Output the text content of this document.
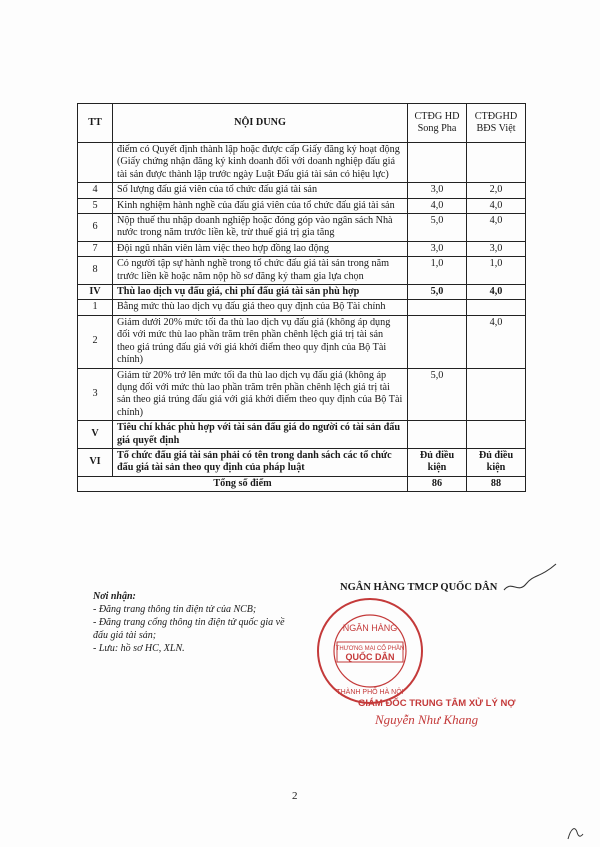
TT	NỘI DUNG	CTĐG HD Song Pha	CTĐGHD BĐS Việt
	điểm có Quyết định thành lập hoặc được cấp Giấy đăng ký hoạt động (Giấy chứng nhận đăng ký kinh doanh đối với doanh nghiệp đấu giá tài sản được thành lập trước ngày Luật Đấu giá tài sản có hiệu lực)		
4	Số lượng đấu giá viên của tổ chức đấu giá tài sản	3,0	2,0
5	Kinh nghiệm hành nghề của đấu giá viên của tổ chức đấu giá tài sản	4,0	4,0
6	Nộp thuế thu nhập doanh nghiệp hoặc đóng góp vào ngân sách Nhà nước trong năm trước liền kề, trừ thuế giá trị gia tăng	5,0	4,0
7	Đội ngũ nhân viên làm việc theo hợp đồng lao động	3,0	3,0
8	Có người tập sự hành nghề trong tổ chức đấu giá tài sản trong năm trước liền kề hoặc năm nộp hồ sơ đăng ký tham gia lựa chọn	1,0	1,0
IV	Thù lao dịch vụ đấu giá, chi phí đấu giá tài sản phù hợp	5,0	4,0
1	Bằng mức thù lao dịch vụ đấu giá theo quy định của Bộ Tài chính		
2	Giảm dưới 20% mức tối đa thù lao dịch vụ đấu giá (không áp dụng đối với mức thù lao phần trăm trên phần chênh lệch giá trị tài sản theo giá trúng đấu giá với giá khởi điểm theo quy định của Bộ Tài chính)		4,0
3	Giảm từ 20% trở lên mức tối đa thù lao dịch vụ đấu giá (không áp dụng đối với mức thù lao phần trăm trên phần chênh lệch giá trị tài sản theo giá trúng đấu giá với giá khởi điểm theo quy định của Bộ Tài chính)	5,0	
V	Tiêu chí khác phù hợp với tài sản đấu giá do người có tài sản đấu giá quyết định		
VI	Tổ chức đấu giá tài sản phải có tên trong danh sách các tổ chức đấu giá tài sản theo quy định của pháp luật	Đủ điều kiện	Đủ điều kiện
Tổng số điểm		86	88
Nơi nhận:
- Đăng trang thông tin điện tử của NCB;
- Đăng trang cổng thông tin điện tử quốc gia về đấu giá tài sản;
- Lưu: hồ sơ HC, XLN.
NGÂN HÀNG TMCP QUỐC DÂN
NGÂN HÀNG
THƯƠNG MẠI CỔ PHẦN
QUỐC DÂN
THÀNH PHỐ HÀ NỘI
GIÁM ĐỐC TRUNG TÂM XỬ LÝ NỢ
Nguyễn Như Khang
2
